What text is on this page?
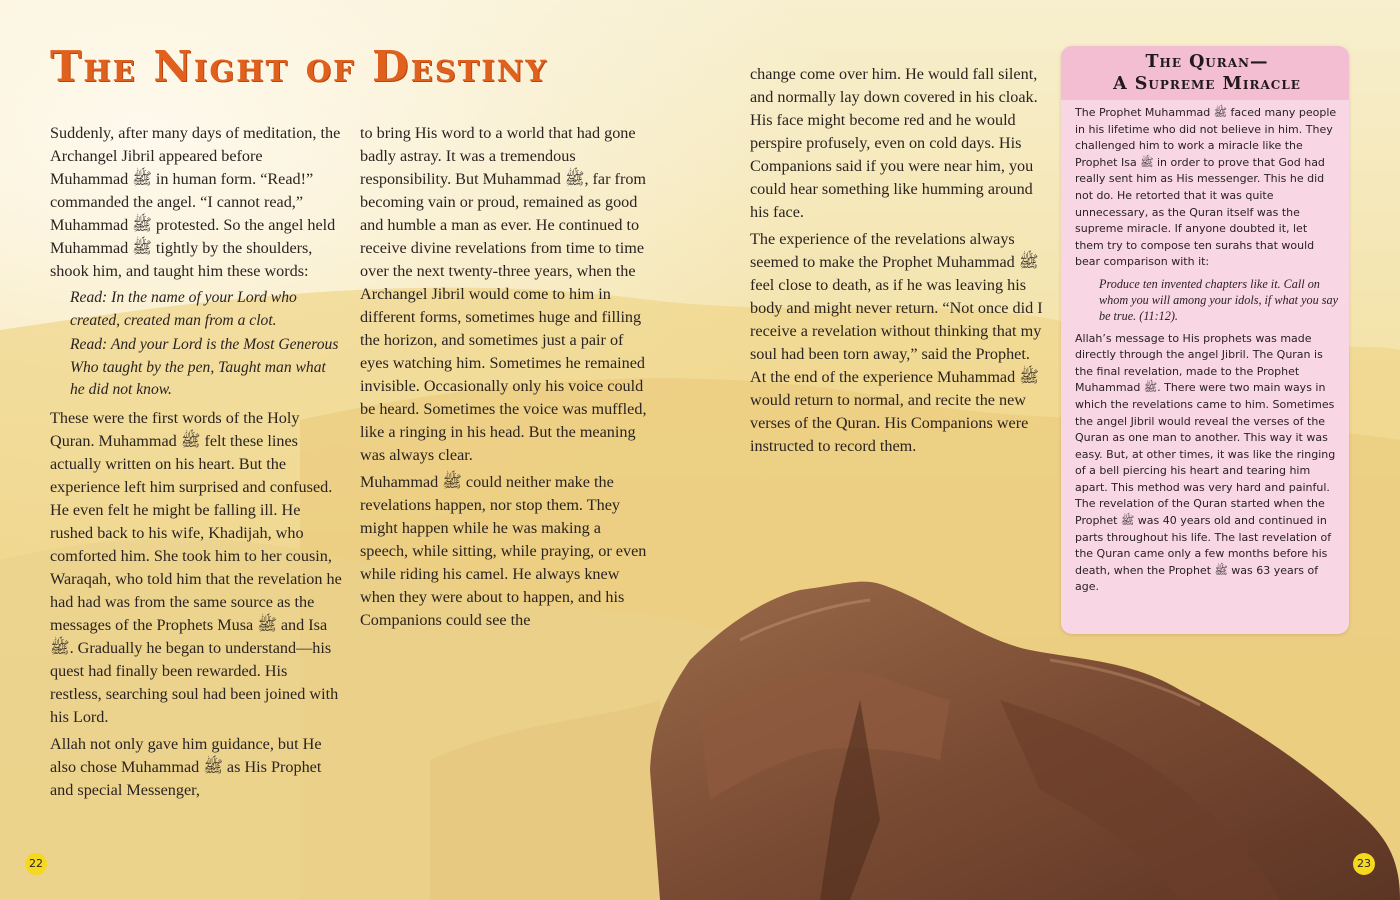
The Night of Destiny

Suddenly, after many days of meditation, the Archangel Jibril appeared before Muhammad ﷺ in human form. “Read!” commanded the angel. “I cannot read,” Muhammad ﷺ protested. So the angel held Muhammad ﷺ tightly by the shoulders, shook him, and taught him these words:

Read: In the name of your Lord who created, created man from a clot.

Read: And your Lord is the Most Generous Who taught by the pen, Taught man what he did not know.

These were the first words of the Holy Quran. Muhammad ﷺ felt these lines actually written on his heart. But the experience left him surprised and confused. He even felt he might be falling ill. He rushed back to his wife, Khadijah, who comforted him. She took him to her cousin, Waraqah, who told him that the revelation he had had was from the same source as the messages of the Prophets Musa ﷺ and Isa ﷺ. Gradually he began to understand—his quest had finally been rewarded. His restless, searching soul had been joined with his Lord.

Allah not only gave him guidance, but He also chose Muhammad ﷺ as His Prophet and special Messenger,

to bring His word to a world that had gone badly astray. It was a tremendous responsibility. But Muhammad ﷺ, far from becoming vain or proud, remained as good and humble a man as ever. He continued to receive divine revelations from time to time over the next twenty-three years, when the Archangel Jibril would come to him in different forms, sometimes huge and filling the horizon, and sometimes just a pair of eyes watching him. Sometimes he remained invisible. Occasionally only his voice could be heard. Sometimes the voice was muffled, like a ringing in his head. But the meaning was always clear.

Muhammad ﷺ could neither make the revelations happen, nor stop them. They might happen while he was making a speech, while sitting, while praying, or even while riding his camel. He always knew when they were about to happen, and his Companions could see the

change come over him. He would fall silent, and normally lay down covered in his cloak. His face might become red and he would perspire profusely, even on cold days. His Companions said if you were near him, you could hear something like humming around his face.

The experience of the revelations always seemed to make the Prophet Muhammad ﷺ feel close to death, as if he was leaving his body and might never return. “Not once did I receive a revelation without thinking that my soul had been torn away,” said the Prophet. At the end of the experience Muhammad ﷺ would return to normal, and recite the new verses of the Quran. His Companions were instructed to record them.

The Quran—
A Supreme Miracle

The Prophet Muhammad ﷺ faced many people in his lifetime who did not believe in him. They challenged him to work a miracle like the Prophet Isa ﷺ in order to prove that God had really sent him as His messenger. This he did not do. He retorted that it was quite unnecessary, as the Quran itself was the supreme miracle. If anyone doubted it, let them try to compose ten surahs that would bear comparison with it:

Produce ten invented chapters like it. Call on whom you will among your idols, if what you say be true. (11:12).

Allah’s message to His prophets was made directly through the angel Jibril. The Quran is the final revelation, made to the Prophet Muhammad ﷺ. There were two main ways in which the revelations came to him. Sometimes the angel Jibril would reveal the verses of the Quran as one man to another. This way it was easy. But, at other times, it was like the ringing of a bell piercing his heart and tearing him apart. This method was very hard and painful. The revelation of the Quran started when the Prophet ﷺ was 40 years old and continued in parts throughout his life. The last revelation of the Quran came only a few months before his death, when the Prophet ﷺ was 63 years of age.

22	23
